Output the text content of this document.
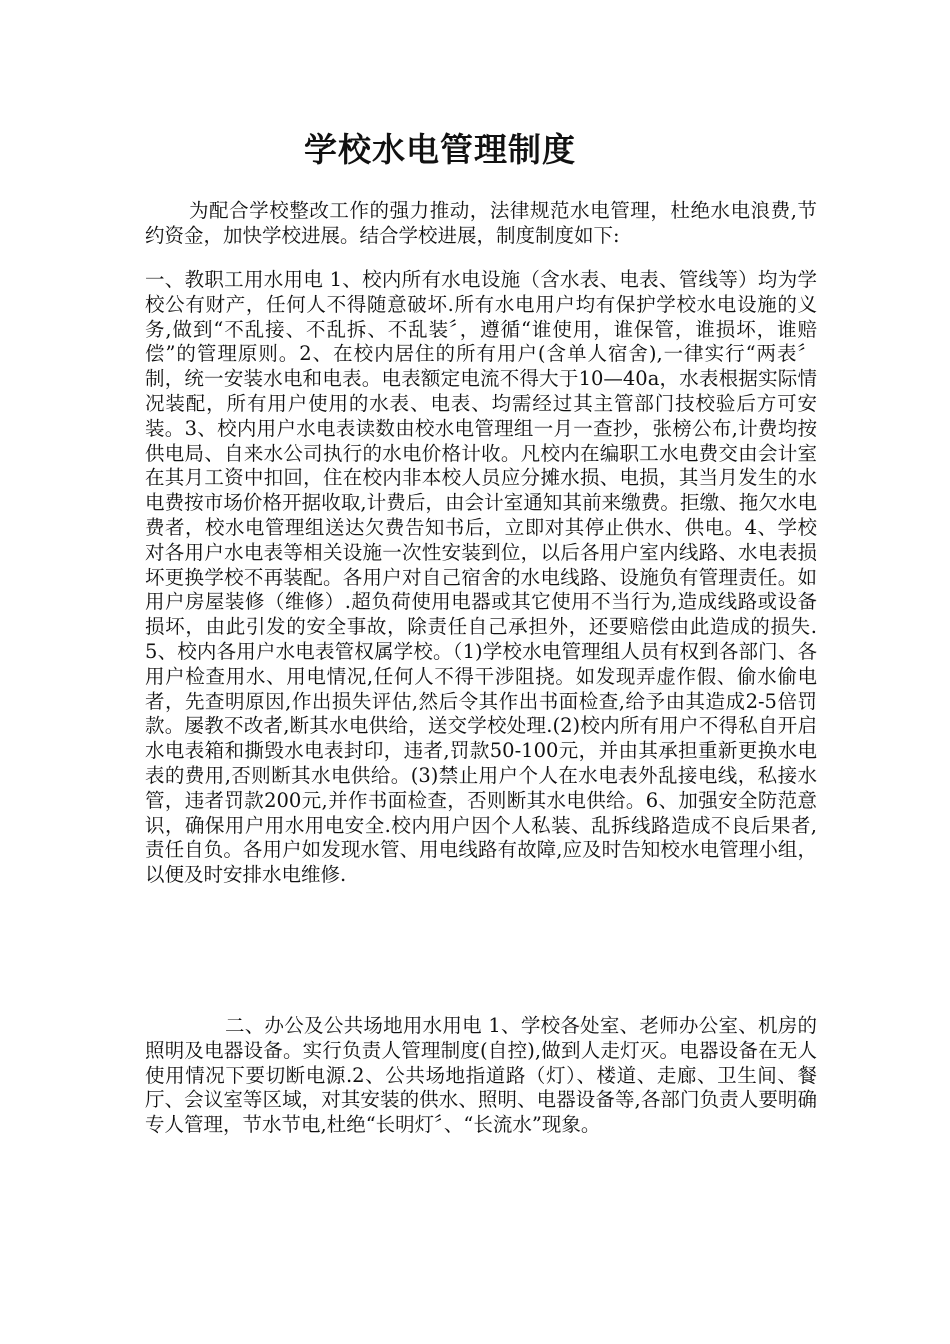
学校水电管理制度

为配合学校整改工作的强力推动，法律规范水电管理，杜绝水电浪费,节约资金，加快学校进展。结合学校进展，制度制度如下:

一、教职工用水用电 1、校内所有水电设施（含水表、电表、管线等）均为学校公有财产，任何人不得随意破坏.所有水电用户均有保护学校水电设施的义务,做到“不乱接、不乱拆、不乱装〞，遵循“谁使用，谁保管，谁损坏，谁赔偿”的管理原则。2、在校内居住的所有用户(含单人宿舍),一律实行“两表〞制，统一安装水电和电表。电表额定电流不得大于10—40a，水表根据实际情况装配，所有用户使用的水表、电表、均需经过其主管部门技校验后方可安装。3、校内用户水电表读数由校水电管理组一月一查抄，张榜公布,计费均按供电局、自来水公司执行的水电价格计收。凡校内在编职工水电费交由会计室在其月工资中扣回，住在校内非本校人员应分摊水损、电损，其当月发生的水电费按市场价格开据收取,计费后，由会计室通知其前来缴费。拒缴、拖欠水电费者，校水电管理组送达欠费告知书后，立即对其停止供水、供电。4、学校对各用户水电表等相关设施一次性安装到位，以后各用户室内线路、水电表损坏更换学校不再装配。各用户对自己宿舍的水电线路、设施负有管理责任。如用户房屋装修（维修）.超负荷使用电器或其它使用不当行为,造成线路或设备损坏，由此引发的安全事故，除责任自己承担外，还要赔偿由此造成的损失.5、校内各用户水电表管权属学校。（1)学校水电管理组人员有权到各部门、各用户检查用水、用电情况,任何人不得干涉阻挠。如发现弄虚作假、偷水偷电者，先查明原因,作出损失评估,然后令其作出书面检查,给予由其造成2-5倍罚款。屡教不改者,断其水电供给，送交学校处理.(2)校内所有用户不得私自开启水电表箱和撕毁水电表封印，违者,罚款50-100元，并由其承担重新更换水电表的费用,否则断其水电供给。(3)禁止用户个人在水电表外乱接电线，私接水管，违者罚款200元,并作书面检查，否则断其水电供给。6、加强安全防范意识，确保用户用水用电安全.校内用户因个人私装、乱拆线路造成不良后果者,责任自负。各用户如发现水管、用电线路有故障,应及时告知校水电管理小组，以便及时安排水电维修.

二、办公及公共场地用水用电 1、学校各处室、老师办公室、机房的照明及电器设备。实行负责人管理制度(自控),做到人走灯灭。电器设备在无人使用情况下要切断电源.2、公共场地指道路（灯）、楼道、走廊、卫生间、餐厅、会议室等区域，对其安装的供水、照明、电器设备等,各部门负责人要明确专人管理，节水节电,杜绝“长明灯〞、“长流水”现象。
